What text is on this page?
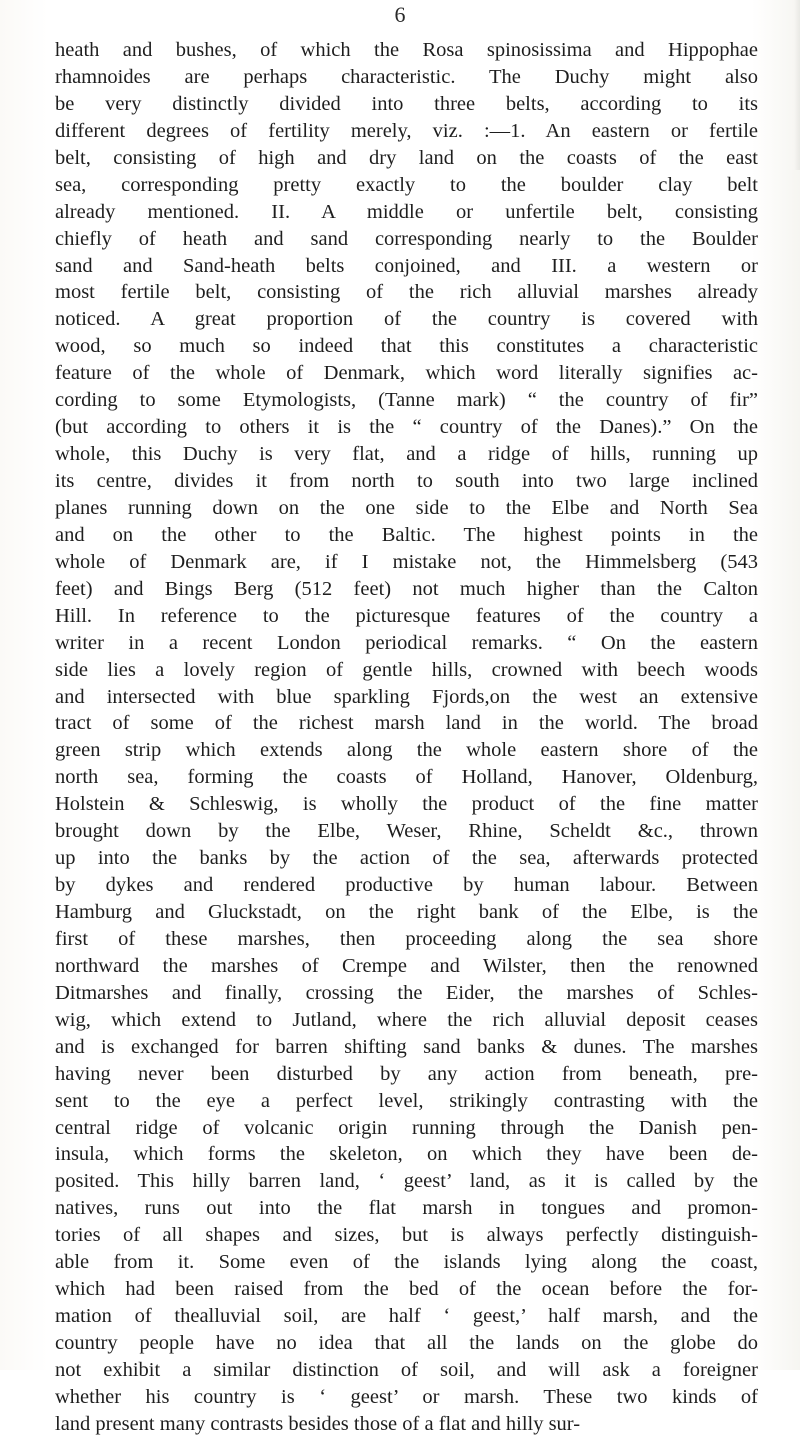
6
heath and bushes, of which the Rosa spinosissima and Hippophae
rhamnoides are perhaps characteristic. The Duchy might also
be very distinctly divided into three belts, according to its
different degrees of fertility merely, viz. :—1. An eastern or fertile
belt, consisting of high and dry land on the coasts of the east
sea, corresponding pretty exactly to the boulder clay belt
already mentioned. II. A middle or unfertile belt, consisting
chiefly of heath and sand corresponding nearly to the Boulder
sand and Sand-heath belts conjoined, and III. a western or
most fertile belt, consisting of the rich alluvial marshes already
noticed. A great proportion of the country is covered with
wood, so much so indeed that this constitutes a characteristic
feature of the whole of Denmark, which word literally signifies ac-
cording to some Etymologists, (Tanne mark) “ the country of fir”
(but according to others it is the “ country of the Danes).” On the
whole, this Duchy is very flat, and a ridge of hills, running up
its centre, divides it from north to south into two large inclined
planes running down on the one side to the Elbe and North Sea
and on the other to the Baltic. The highest points in the
whole of Denmark are, if I mistake not, the Himmelsberg (543
feet) and Bings Berg (512 feet) not much higher than the Calton
Hill. In reference to the picturesque features of the country a
writer in a recent London periodical remarks. “ On the eastern
side lies a lovely region of gentle hills, crowned with beech woods
and intersected with blue sparkling Fjords,on the west an extensive
tract of some of the richest marsh land in the world. The broad
green strip which extends along the whole eastern shore of the
north sea, forming the coasts of Holland, Hanover, Oldenburg,
Holstein & Schleswig, is wholly the product of the fine matter
brought down by the Elbe, Weser, Rhine, Scheldt &c., thrown
up into the banks by the action of the sea, afterwards protected
by dykes and rendered productive by human labour. Between
Hamburg and Gluckstadt, on the right bank of the Elbe, is the
first of these marshes, then proceeding along the sea shore
northward the marshes of Crempe and Wilster, then the renowned
Ditmarshes and finally, crossing the Eider, the marshes of Schles-
wig, which extend to Jutland, where the rich alluvial deposit ceases
and is exchanged for barren shifting sand banks & dunes. The marshes
having never been disturbed by any action from beneath, pre-
sent to the eye a perfect level, strikingly contrasting with the
central ridge of volcanic origin running through the Danish pen-
insula, which forms the skeleton, on which they have been de-
posited. This hilly barren land, ‘ geest’ land, as it is called by the
natives, runs out into the flat marsh in tongues and promon-
tories of all shapes and sizes, but is always perfectly distinguish-
able from it. Some even of the islands lying along the coast,
which had been raised from the bed of the ocean before the for-
mation of thealluvial soil, are half ‘ geest,’ half marsh, and the
country people have no idea that all the lands on the globe do
not exhibit a similar distinction of soil, and will ask a foreigner
whether his country is ‘ geest’ or marsh. These two kinds of
land present many contrasts besides those of a flat and hilly sur-
